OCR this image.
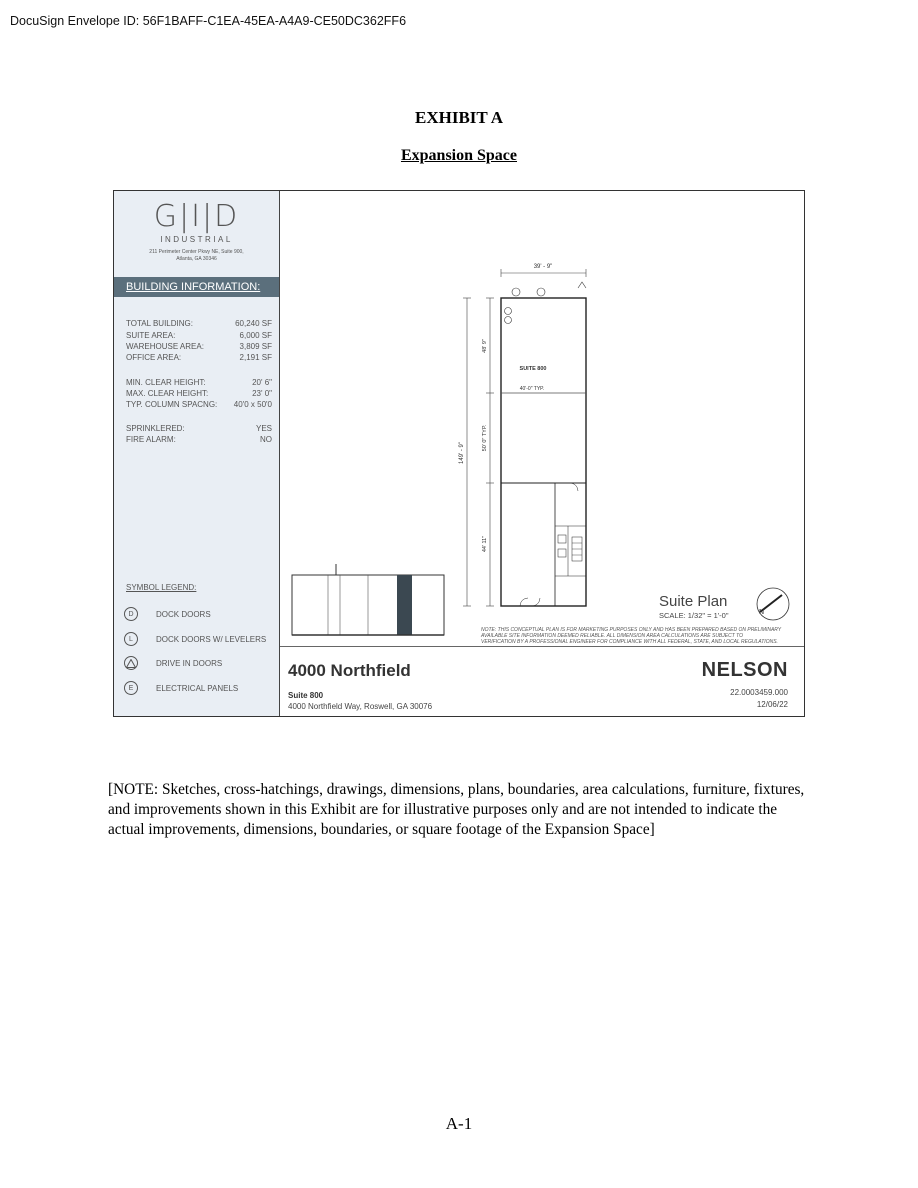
DocuSign Envelope ID: 56F1BAFF-C1EA-45EA-A4A9-CE50DC362FF6
EXHIBIT A
Expansion Space
G|I|D
INDUSTRIAL
211 Perimeter Center Pkwy NE, Suite 900,
Atlanta, GA 30346
BUILDING INFORMATION:
TOTAL BUILDING:	60,240 SF
SUITE AREA:	6,000 SF
WAREHOUSE AREA:	3,809 SF
OFFICE AREA:	2,191 SF
MIN. CLEAR HEIGHT:	20' 6"
MAX. CLEAR HEIGHT:	23' 0"
TYP. COLUMN SPACNG: 40'0 x 50'0
SPRINKLERED:	YES
FIRE ALARM:	NO
SYMBOL LEGEND:
D	DOCK DOORS
L	DOCK DOORS W/ LEVELERS
DRIVE IN DOORS
E	ELECTRICAL PANELS
39' - 9"
149' - 9"
48' 9"
50' 0" TYP.
44' 11"
40'-0" TYP.
SUITE 800
Suite Plan
SCALE: 1/32" = 1'-0"
NOTE: THIS CONCEPTUAL PLAN IS FOR MARKETING PURPOSES ONLY AND HAS BEEN PREPARED BASED ON PRELIMINARY
AVAILABLE SITE INFORMATION DEEMED RELIABLE. ALL DIMENSION AREA CALCULATIONS ARE SUBJECT TO
VERIFICATION BY A PROFESSIONAL ENGINEER FOR COMPLIANCE WITH ALL FEDERAL, STATE, AND LOCAL REGULATIONS.
N
4000 Northfield
Suite 800
4000 Northfield Way, Roswell, GA 30076
NELSON
22.0003459.000
12/06/22
[NOTE: Sketches, cross-hatchings, drawings, dimensions, plans, boundaries, area calculations, furniture, fixtures, and improvements shown in this Exhibit are for illustrative purposes only and are not intended to indicate the actual improvements, dimensions, boundaries, or square footage of the Expansion Space]
A-1
